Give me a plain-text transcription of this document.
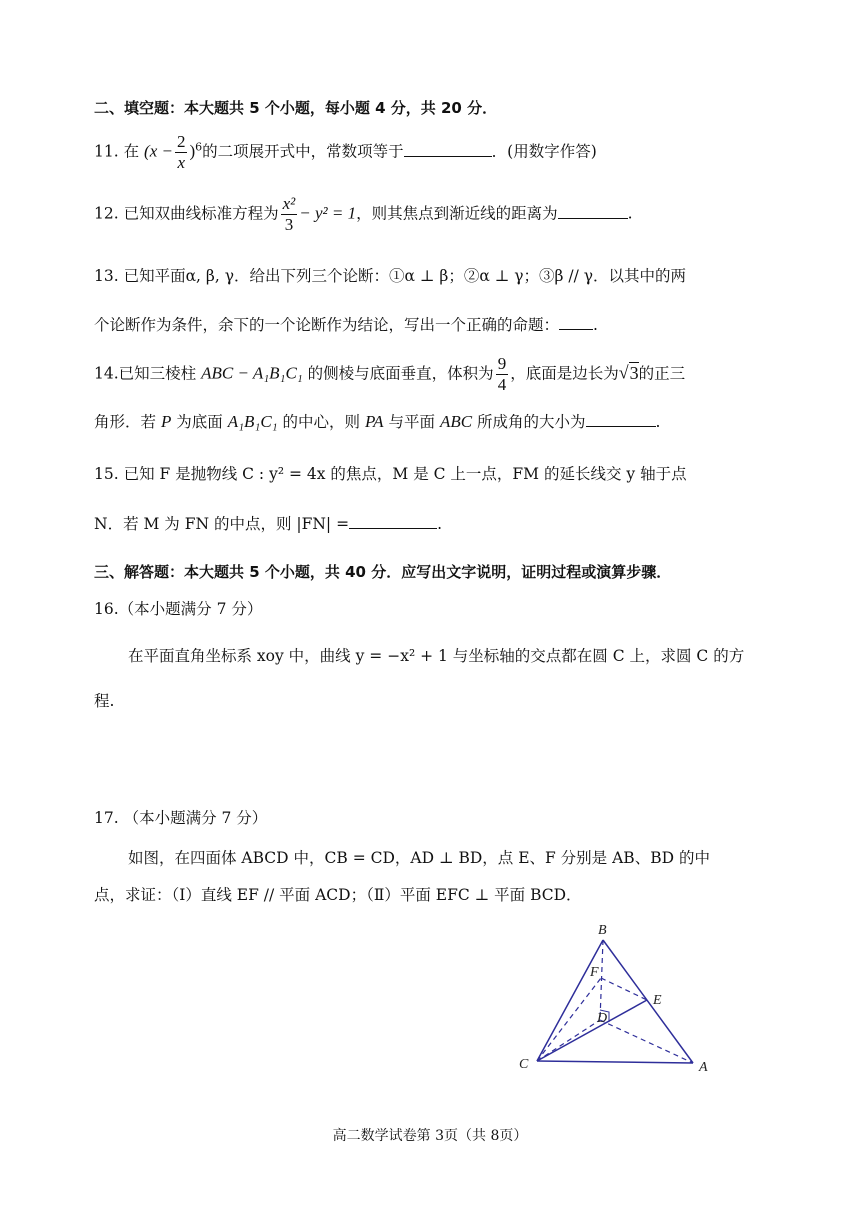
二、填空题：本大题共 5 个小题，每小题 4 分，共 20 分．
11. 在 $(x - \frac{2}{x} )^6$的二项展开式中，常数项等于	．(用数字作答)
12. 已知双曲线标准方程为 $\frac{\text{x²}}{3} - y^2 = 1$，则其焦点到渐近线的距离为	.
13. 已知平面α, β, γ．给出下列三个论断：①α ⊥ β；②α ⊥ γ；③β // γ．以其中的两
个论断作为条件，余下的一个论断作为结论，写出一个正确的命题： .
14.已知三棱柱 ABC − A₁B₁C₁ 的侧棱与底面垂直，体积为 $\frac{9}{4}$ ，底面是边长为√3的正三
角形．若 P 为底面 A₁B₁C₁ 的中心，则 PA 与平面 ABC 所成角的大小为	.
15. 已知 F 是抛物线 C : y² = 4x 的焦点，M 是 C 上一点，FM 的延长线交 y 轴于点
N．若 M 为 FN 的中点，则 |FN| =	.
三、解答题：本大题共 5 个小题，共 40 分．应写出文字说明，证明过程或演算步骤．
16.（本小题满分 7 分）
在平面直角坐标系 xoy 中，曲线 y = −x² + 1 与坐标轴的交点都在圆 C 上，求圆 C 的方
程.
17. （本小题满分 7 分）
如图，在四面体 ABCD 中，CB = CD，AD ⊥ BD，点 E、F 分别是 AB、BD 的中
点，求证：（Ⅰ）直线 EF // 平面 ACD；（Ⅱ）平面 EFC ⊥ 平面 BCD．
B
F
E
D
C	A
高二数学试卷第 3页（共 8页）
